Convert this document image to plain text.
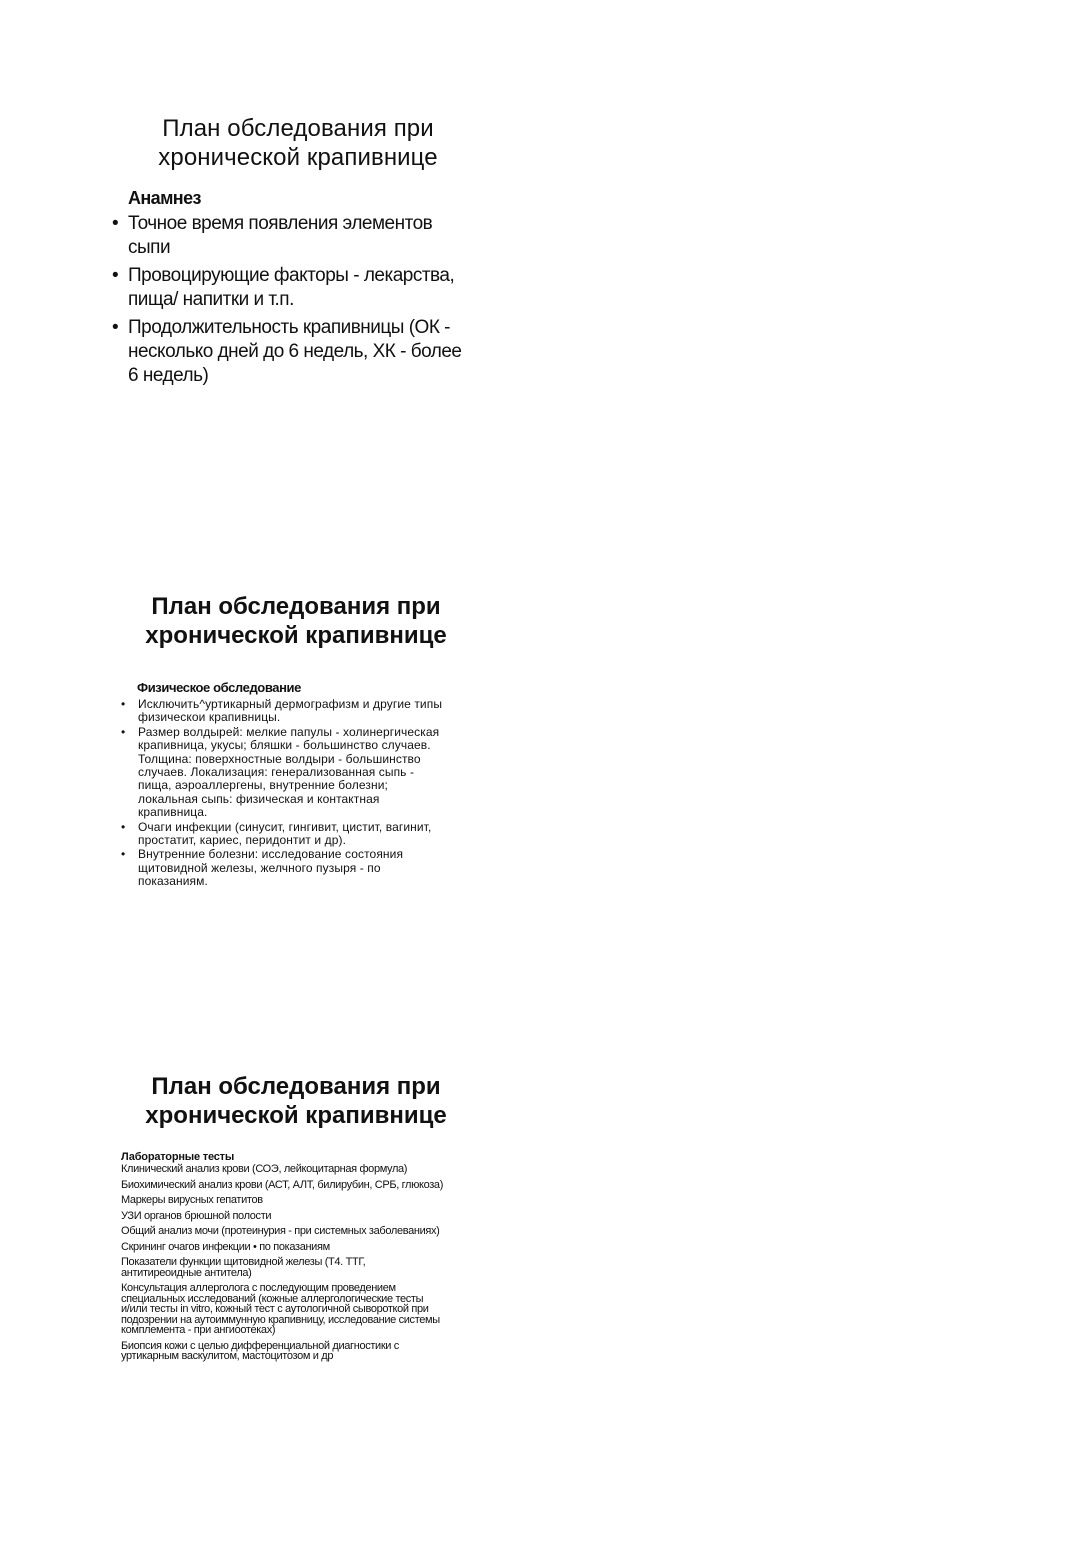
План обследования при
хронической крапивнице
Анамнез
• Точное время появления элементов
сыпи
• Провоцирующие факторы - лекарства,
пища/ напитки и т.п.
• Продолжительность крапивницы (ОК -
несколько дней до 6 недель, ХК - более
6 недель)
План обследования при
хронической крапивнице
Физическое обследование
• Исключить^уртикарный дермографизм и другие типы
физическои крапивницы.
• Размер волдырей: мелкие папулы - холинергическая
крапивница, укусы; бляшки - большинство случаев.
Толщина: поверхностные волдыри - большинство
случаев. Локализация: генерализованная сыпь -
пища, аэроаллергены, внутренние болезни;
локальная сыпь: физическая и контактная
крапивница.
• Очаги инфекции (синусит, гингивит, цистит, вагинит,
простатит, кариес, перидонтит и др).
• Внутренние болезни: исследование состояния
щитовидной железы, желчного пузыря - по
показаниям.
План обследования при
хронической крапивнице
Лабораторные тесты
Клинический анализ крови (СОЭ, лейкоцитарная формула)
Биохимический анализ крови (АСТ, АЛТ, билирубин, СРБ, глюкоза)
Маркеры вирусных гепатитов
УЗИ органов брюшной полости
Общий анализ мочи (протеинурия - при системных заболеваниях)
Скрининг очагов инфекции • по показаниям
Показатели функции щитовидной железы (Т4. ТТГ,
антитиреоидные антитела)
Консультация аллерголога с последующим проведением
специальных исследований (кожные аллергологические тесты
и/или тесты in vitro, кожный тест с аутологичной сывороткой при
подозрении на аутоиммунную крапивницу, исследование системы
комплемента - при ангиоотеках)
Биопсия кожи с целью дифференциальной диагностики с
уртикарным васкулитом, мастоцитозом и др
